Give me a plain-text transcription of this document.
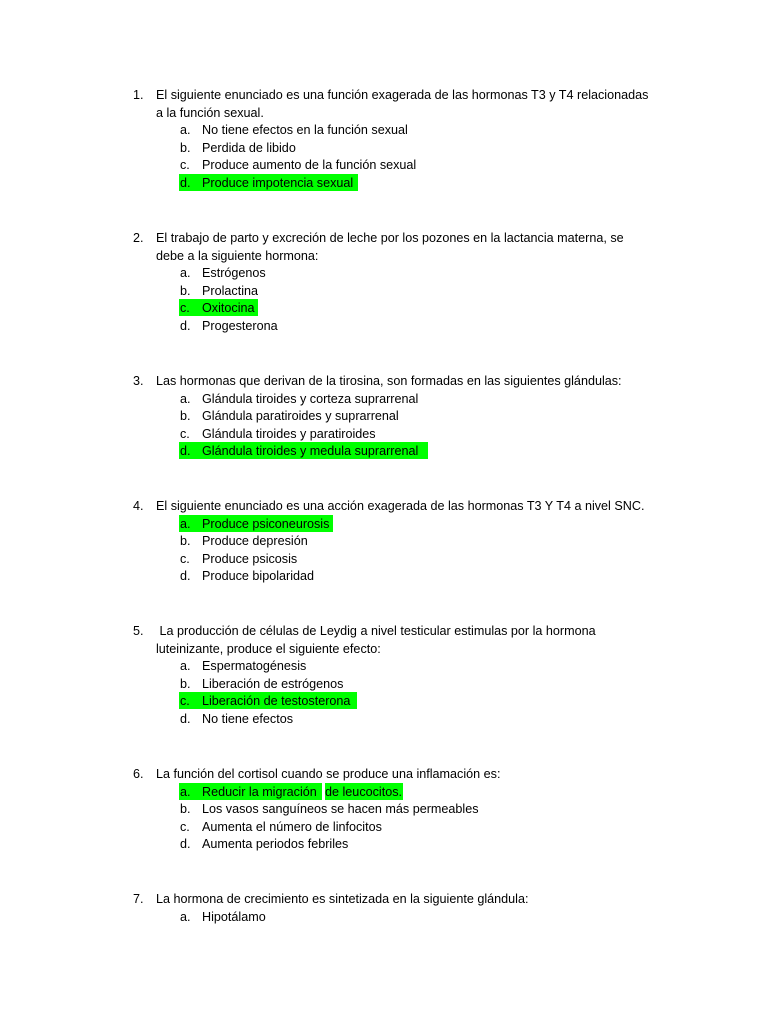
1. El siguiente enunciado es una función exagerada de las hormonas T3 y T4 relacionadas
a la función sexual.
a. No tiene efectos en la función sexual
b. Perdida de libido
c. Produce aumento de la función sexual
d. Produce impotencia sexual
2. El trabajo de parto y excreción de leche por los pozones en la lactancia materna, se
debe a la siguiente hormona:
a. Estrógenos
b. Prolactina
c. Oxitocina
d. Progesterona
3. Las hormonas que derivan de la tirosina, son formadas en las siguientes glándulas:
a. Glándula tiroides y corteza suprarrenal
b. Glándula paratiroides y suprarrenal
c. Glándula tiroides y paratiroides
d. Glándula tiroides y medula suprarrenal
4. El siguiente enunciado es una acción exagerada de las hormonas T3 Y T4 a nivel SNC.
a. Produce psiconeurosis
b. Produce depresión
c. Produce psicosis
d. Produce bipolaridad
5. La producción de células de Leydig a nivel testicular estimulas por la hormona
luteinizante, produce el siguiente efecto:
a. Espermatogénesis
b. Liberación de estrógenos
c. Liberación de testosterona
d. No tiene efectos
6. La función del cortisol cuando se produce una inflamación es:
a. Reducir la migración de leucocitos.
b. Los vasos sanguíneos se hacen más permeables
c. Aumenta el número de linfocitos
d. Aumenta periodos febriles
7. La hormona de crecimiento es sintetizada en la siguiente glándula:
a. Hipotálamo
